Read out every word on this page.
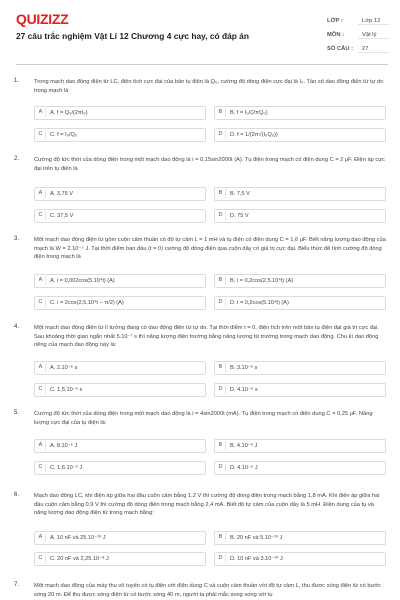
QUIZIZZ
27 câu trắc nghiệm Vật Lí 12 Chương 4 cực hay, có đáp án
LỚP :	Lớp 12
MÔN :	Vật lý
SỐ CÂU :	27
1.	Trong mạch dao động điện từ LC, điện tích cực đại của bản tụ điện là Q₀, cường độ dòng điện cực đại là I₀. Tần số dao động điện từ tự do trong mạch là
A	A. f = Q₀/(2πI₀)	B	B. f = I₀/(2πQ₀)
C	C. f = I₀/Q₀	D	D. f = 1/(2π√(I₀Q₀))
2.	Cường độ tức thời của dòng điện trong một mạch dao động là i = 0,15sin2000t (A). Tụ điện trong mạch có điện dung C = 2 μF. Điện áp cực đại trên tụ điện là
A	A. 3,75 V	B	B. 7,5 V
C	C. 37,5 V	D	D. 75 V
3.	Một mạch dao động điện từ gồm cuộn cảm thuần có độ tự cảm L = 1 mH và tụ điện có điện dung C = 1,6 μF. Biết năng lượng dao động của mạch là W = 2.10⁻⁵ J. Tại thời điểm ban đầu (t = 0) cường độ dòng điện qua cuộn dây có giá trị cực đại. Biểu thức để tính cường độ dòng điện trong mạch là
A	A. i = 0,002cos(5.10⁴t) (A)	B	B. i = 0,2cos(2,5.10⁴t) (A)
C	C. i = 2cos(2,5.10⁴t − π/2) (A)	D	D. i = 0,2cos(5.10⁴t) (A)
4.	Một mạch dao động điện từ lí tưởng đang có dao động điện từ tự do. Tại thời điểm t = 0, điện tích trên một bản tụ điện đạt giá trị cực đại. Sau khoảng thời gian ngắn nhất 5.10⁻⁷ s thì năng lượng điện trường bằng năng lượng từ trường trong mạch dao động. Chu kì dao động riêng của mạch dao động này là:
A	A. 2.10⁻⁶ s	B	B. 3.10⁻⁶ s
C	C. 1,5.10⁻⁶ s	D	D. 4.10⁻⁶ s
5.	Cường độ tức thời của dòng điện trong một mạch dao động là i = 4sin2000t (mA). Tụ điện trong mạch có điện dung C = 0,25 μF. Năng lượng cực đại của tụ điện là:
A	A. 8.10⁻⁶ J	B	B. 4.10⁻⁶ J
C	C. 1,6.10⁻⁵ J	D	D. 4.10⁻⁵ J
6.	Mạch dao động LC, khi điện áp giữa hai đầu cuộn cảm bằng 1,2 V thì cường độ dòng điện trong mạch bằng 1,8 mA. Khi điện áp giữa hai đầu cuộn cảm bằng 0,9 V thì cường độ dòng điện trong mạch bằng 2,4 mA. Biết độ tự cảm của cuộn dây là 5 mH. Điện dung của tụ và năng lượng dao động điện từ trong mạch bằng:
A	A. 10 nF và 25.10⁻¹⁰ J	B	B. 20 nF và 5.10⁻¹⁰ J
C	C. 20 nF và 2,25.10⁻⁸ J	D	D. 10 nF và 3.10⁻¹⁰ J
7.	Một mạch dao động của máy thu vô tuyến có tụ điện với điện dung C và cuộn cảm thuần với độ tự cảm L, thu được sóng điện từ có bước sóng 20 m. Để thu được sóng điện từ có bước sóng 40 m, người ta phải mắc song song với tụ
